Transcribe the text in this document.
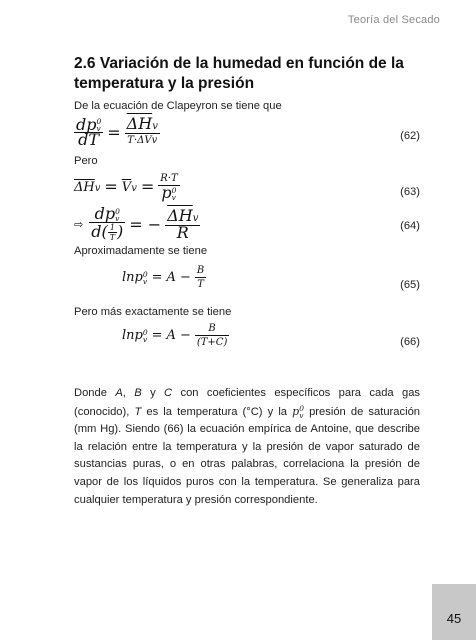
Teoría del Secado
2.6 Variación de la humedad en función de la temperatura y la presión
De la ecuación de Clapeyron se tiene que
dp 0
v
dT = $\frac{\overline{\Delta H}v}{\text{T·ΔVv}}$	(62)
Pero
$\overline{\Delta H}v = \overline{V}v = R\cdot T$
p 0
v	(63)
⇨ dp 0
v
$d( \frac{1}{T}$ ) = − $\frac{\overline{\Delta H}v}{R}$	(64)
Aproximadamente se tiene
lnp 0
$v = A - \frac{B}{T}$	(65)
Pero más exactamente se tiene
lnp 0
$v = A - \frac{B}{(T+C)}$	(66)
Donde A, B y C con coeficientes específicos para cada gas (conocido), T es la temperatura (°C) y la p 0
v presión de saturación (mm Hg). Siendo (66) la ecuación empírica de Antoine, que describe la relación entre la temperatura y la presión de vapor saturado de sustancias puras, o en otras palabras, correlaciona la presión de vapor de los líquidos puros con la temperatura. Se generaliza para cualquier temperatura y presión correspondiente.
45
